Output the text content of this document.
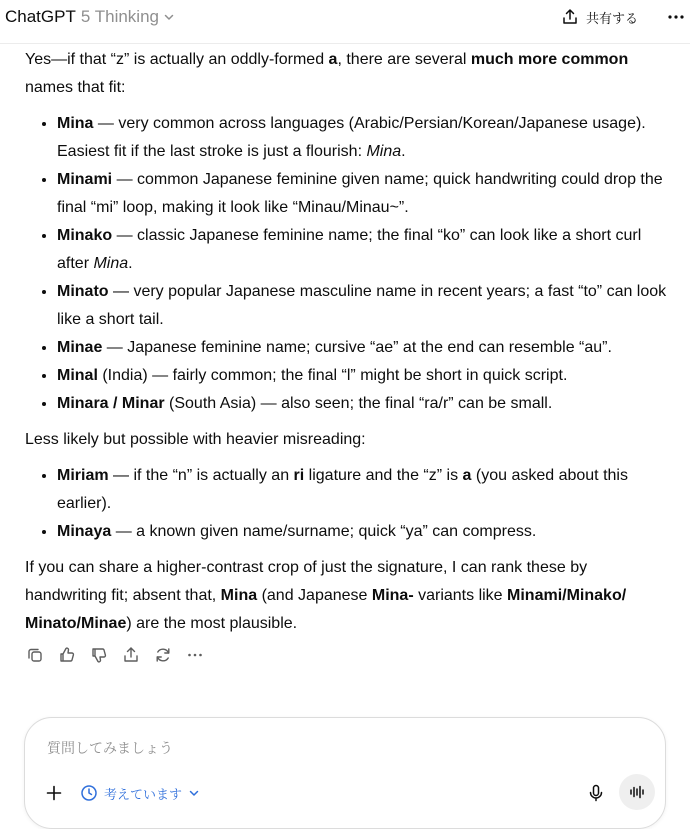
ChatGPT 5 Thinking	共有する

Yes—if that “z” is actually an oddly-formed a, there are several much more common names that fit:

• Mina — very common across languages (Arabic/Persian/Korean/Japanese usage). Easiest fit if the last stroke is just a flourish: Mina.
• Minami — common Japanese feminine given name; quick handwriting could drop the final “mi” loop, making it look like “Minau/Minau~”.
• Minako — classic Japanese feminine name; the final “ko” can look like a short curl after Mina.
• Minato — very popular Japanese masculine name in recent years; a fast “to” can look like a short tail.
• Minae — Japanese feminine name; cursive “ae” at the end can resemble “au”.
• Minal (India) — fairly common; the final “l” might be short in quick script.
• Minara / Minar (South Asia) — also seen; the final “ra/r” can be small.

Less likely but possible with heavier misreading:

• Miriam — if the “n” is actually an ri ligature and the “z” is a (you asked about this earlier).
• Minaya — a known given name/surname; quick “ya” can compress.

If you can share a higher-contrast crop of just the signature, I can rank these by handwriting fit; absent that, Mina (and Japanese Mina- variants like Minami/Minako/ Minato/Minae) are the most plausible.

質問してみましょう
考えています
